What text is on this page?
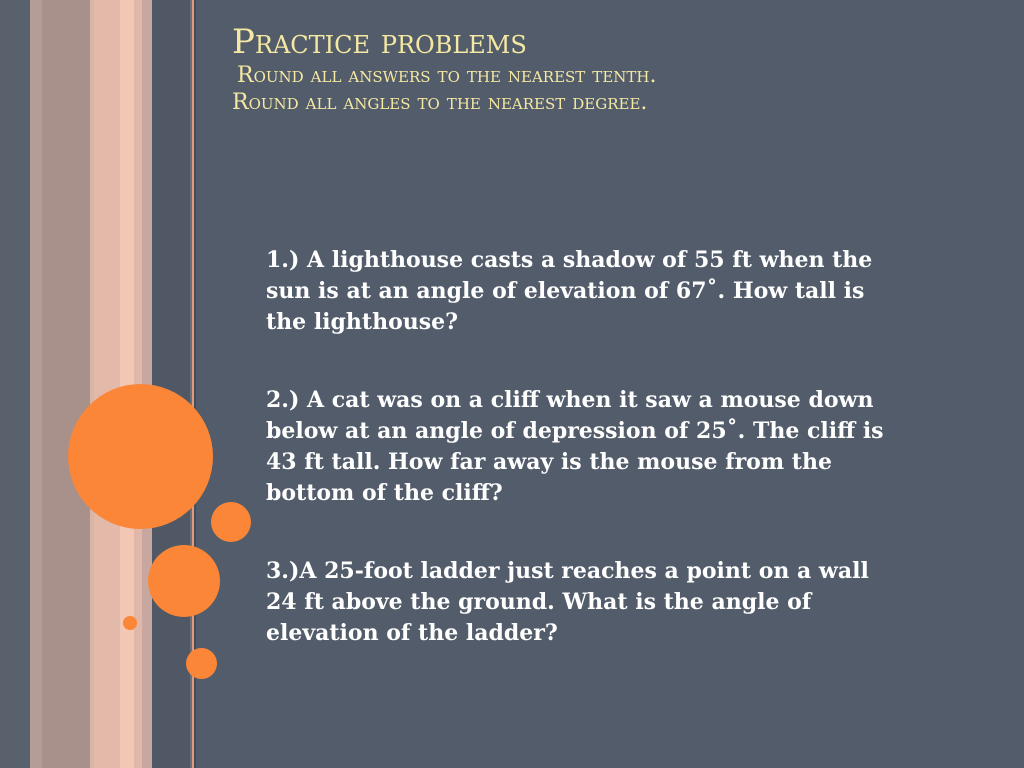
Practice problems

Round all answers to the nearest tenth.

Round all angles to the nearest degree.

1.) A lighthouse casts a shadow of 55 ft when the
sun is at an angle of elevation of 67˚. How tall is
the lighthouse?

2.) A cat was on a cliff when it saw a mouse down
below at an angle of depression of 25˚. The cliff is
43 ft tall. How far away is the mouse from the
bottom of the cliff?

3.)A 25-foot ladder just reaches a point on a wall
24 ft above the ground. What is the angle of
elevation of the ladder?
